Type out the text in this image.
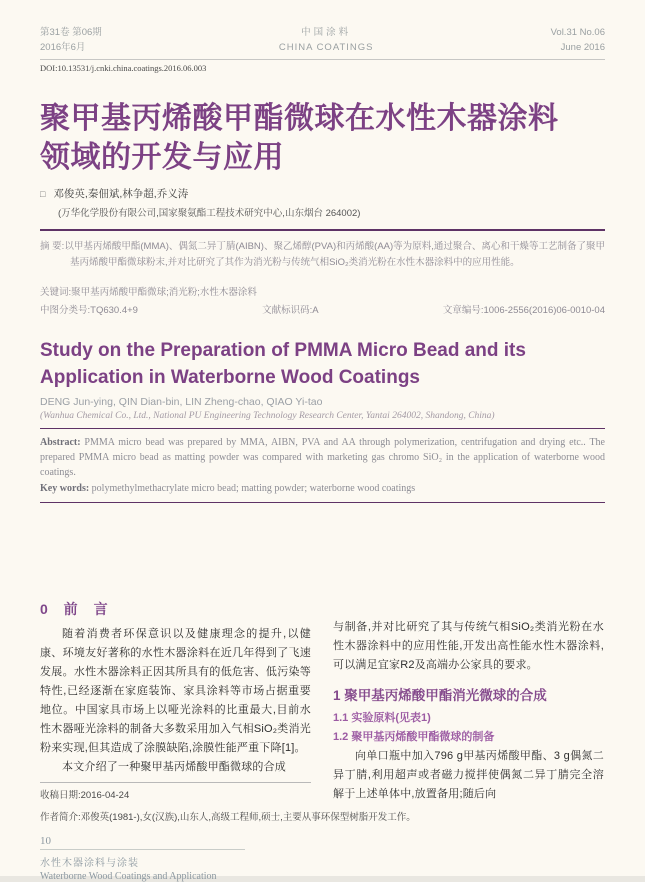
第31卷 第06期
2016年6月
中国涂料
CHINA COATINGS
Vol.31 No.06
June 2016
DOI:10.13531/j.cnki.china.coatings.2016.06.003
聚甲基丙烯酸甲酯微球在水性木器涂料
领域的开发与应用
□ 邓俊英,秦佃斌,林争超,乔义涛
(万华化学股份有限公司,国家聚氨酯工程技术研究中心,山东烟台 264002)

摘 要:以甲基丙烯酸甲酯(MMA)、偶氮二异丁腈(AIBN)、聚乙烯醇(PVA)和丙烯酸(AA)等为原料,通过聚合、离心和干燥等工艺制备了聚甲基丙烯酸甲酯微球粉末,并对比研究了其作为消光粉与传统气相SiO₂类消光粉在水性木器涂料中的应用性能。

关键词:聚甲基丙烯酸甲酯微球;消光粉;水性木器涂料
中图分类号:TQ630.4+9	文献标识码:A	文章编号:1006-2556(2016)06-0010-04
Study on the Preparation of PMMA Micro Bead and its
Application in Waterborne Wood Coatings
DENG Jun-ying, QIN Dian-bin, LIN Zheng-chao, QIAO Yi-tao
(Wanhua Chemical Co., Ltd., National PU Engineering Technology Research Center, Yantai 264002, Shandong, China)
Abstract: PMMA micro bead was prepared by MMA, AIBN, PVA and AA through polymerization, centrifugation and drying etc.. The prepared PMMA micro bead as matting powder was compared with marketing gas chromo SiO₂ in the application of waterborne wood coatings.
Key words: polymethylmethacrylate micro bead; matting powder; waterborne wood coatings
0 前 言

随着消费者环保意识以及健康理念的提升,以健康、环境友好著称的水性木器涂料在近几年得到了飞速发展。水性木器涂料正因其所具有的低危害、低污染等特性,已经逐渐在家庭装饰、家具涂料等市场占据重要地位。中国家具市场上以哑光涂料的比重最大,目前水性木器哑光涂料的制备大多数采用加入气相SiO₂类消光粉来实现,但其造成了涂膜缺陷,涂膜性能严重下降[1]。

本文介绍了一种聚甲基丙烯酸甲酯微球的合成

收稿日期:2016-04-24

与制备,并对比研究了其与传统气相SiO₂类消光粉在水性木器涂料中的应用性能,开发出高性能水性木器涂料,可以满足宜家R2及高端办公家具的要求。

1 聚甲基丙烯酸甲酯消光微球的合成
1.1 实验原料(见表1)
1.2 聚甲基丙烯酸甲酯微球的制备

向单口瓶中加入796 g甲基丙烯酸甲酯、3 g偶氮二异丁腈,利用超声或者磁力搅拌使偶氮二异丁腈完全溶解于上述单体中,放置备用;随后向

作者简介:邓俊英(1981-),女(汉族),山东人,高级工程师,硕士,主要从事环保型树脂开发工作。
10
水性木器涂料与涂装
Waterborne Wood Coatings and Application
